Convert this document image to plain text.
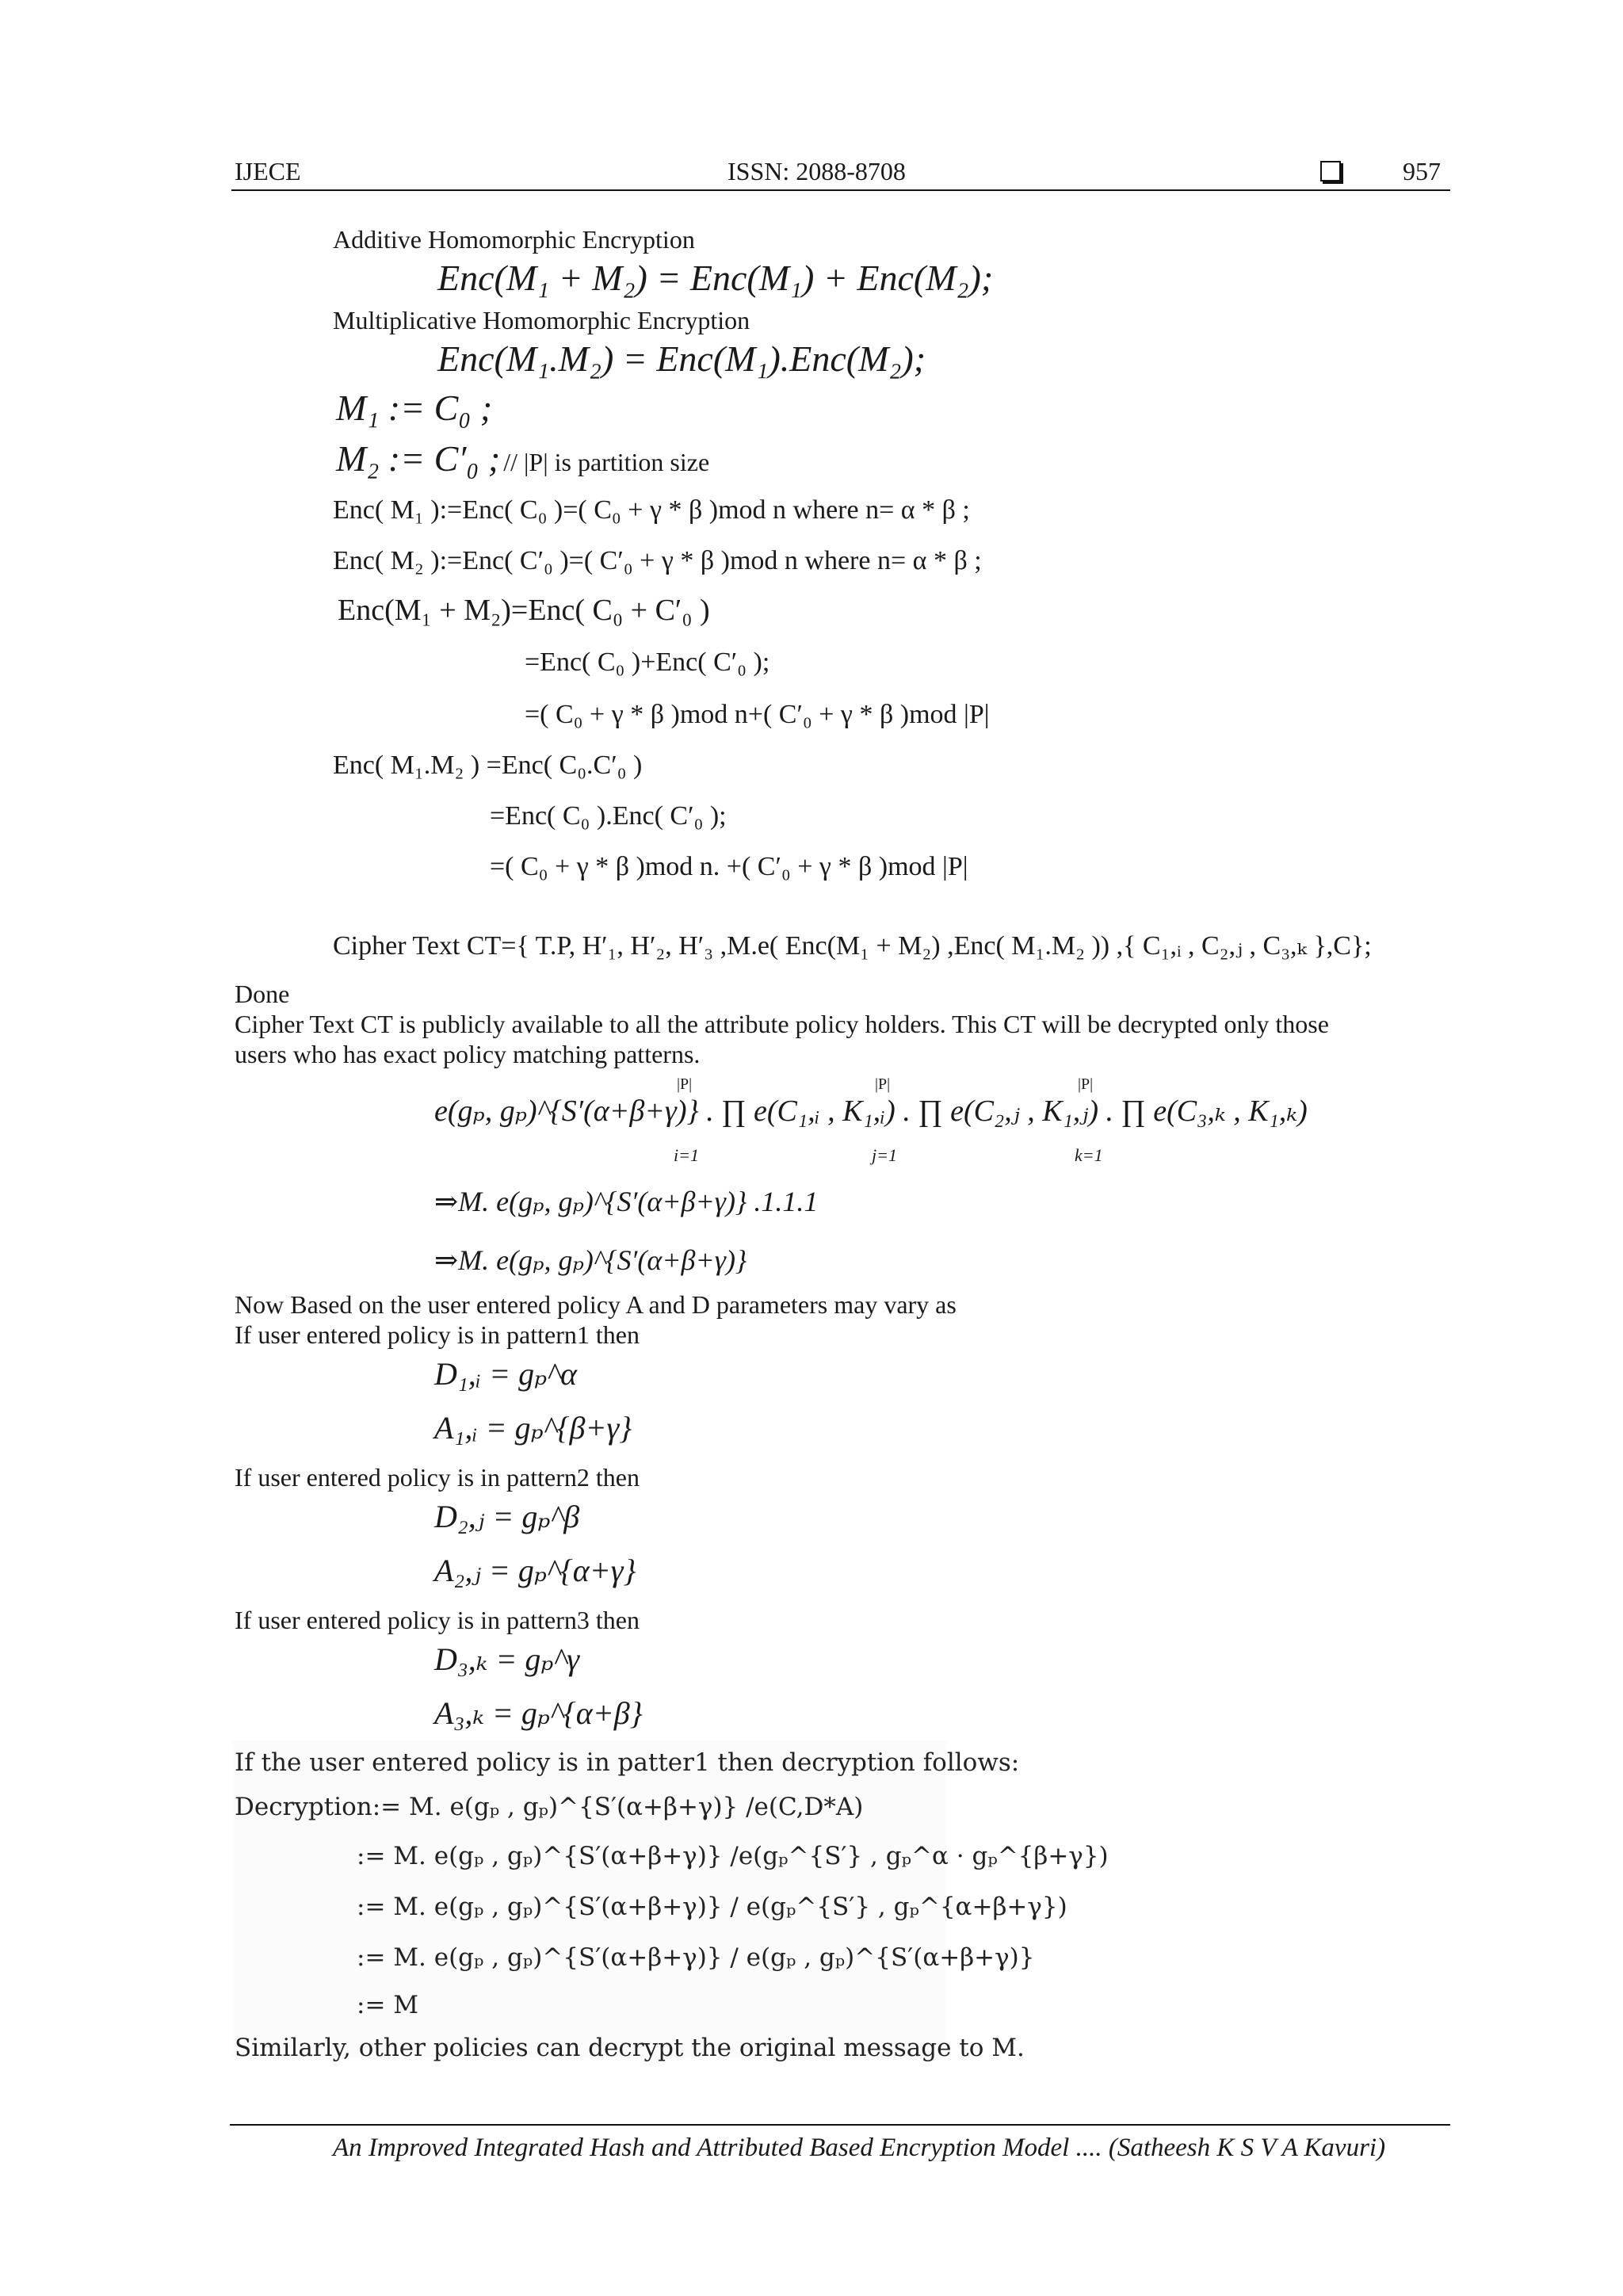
IJECE	ISSN: 2088-8708	957
Additive Homomorphic Encryption
Enc(M₁ + M₂) = Enc(M₁) + Enc(M₂);
Multiplicative Homomorphic Encryption
Enc(M₁.M₂) = Enc(M₁).Enc(M₂);
M₁ := C₀ ;
M₂ := C′₀ ; // |P| is partition size
Enc( M₁ ):=Enc( C₀ )=( C₀ + γ * β )mod n where n= α * β ;
Enc( M₂ ):=Enc( C′₀ )=( C′₀ + γ * β )mod n where n= α * β ;
Enc(M₁ + M₂)=Enc( C₀ + C′₀ )
=Enc( C₀ )+Enc( C′₀ );
=( C₀ + γ * β )mod n+( C′₀ + γ * β )mod |P|
Enc( M₁.M₂ ) =Enc( C₀.C′₀ )
=Enc( C₀ ).Enc( C′₀ );
=( C₀ + γ * β )mod n. +( C′₀ + γ * β )mod |P|
Cipher Text CT={ T.P, H′₁, H′₂, H′₃ ,M.e( Enc(M₁ + M₂) ,Enc( M₁.M₂ )) ,{ C₁,ᵢ , C₂,ⱼ , C₃,ₖ },C};
Done
Cipher Text CT is publicly available to all the attribute policy holders. This CT will be decrypted only those
users who has exact policy matching patterns.
|P|	|P|	|P|
e(gₚ, gₚ)^{S′(α+β+γ)} . ∏ e(C₁,ᵢ , K₁,ᵢ) . ∏ e(C₂,ⱼ , K₁,ⱼ) . ∏ e(C₃,ₖ , K₁,ₖ)
i=1	j=1	k=1
⇒M. e(gₚ, gₚ)^{S′(α+β+γ)} .1.1.1
⇒M. e(gₚ, gₚ)^{S′(α+β+γ)}
Now Based on the user entered policy A and D parameters may vary as
If user entered policy is in pattern1 then
D₁,ᵢ = gₚ^α
A₁,ᵢ = gₚ^{β+γ}
If user entered policy is in pattern2 then
D₂,ⱼ = gₚ^β
A₂,ⱼ = gₚ^{α+γ}
If user entered policy is in pattern3 then
D₃,ₖ = gₚ^γ
A₃,ₖ = gₚ^{α+β}
If the user entered policy is in patter1 then decryption follows:
Decryption:= M. e(gₚ , gₚ)^{S′(α+β+γ)} /e(C,D*A)
:= M. e(gₚ , gₚ)^{S′(α+β+γ)} /e(gₚ^{S′} , gₚ^α · gₚ^{β+γ})
:= M. e(gₚ , gₚ)^{S′(α+β+γ)} / e(gₚ^{S′} , gₚ^{α+β+γ})
:= M. e(gₚ , gₚ)^{S′(α+β+γ)} / e(gₚ , gₚ)^{S′(α+β+γ)}
:= M
Similarly, other policies can decrypt the original message to M.
An Improved Integrated Hash and Attributed Based Encryption Model .... (Satheesh K S V A Kavuri)
